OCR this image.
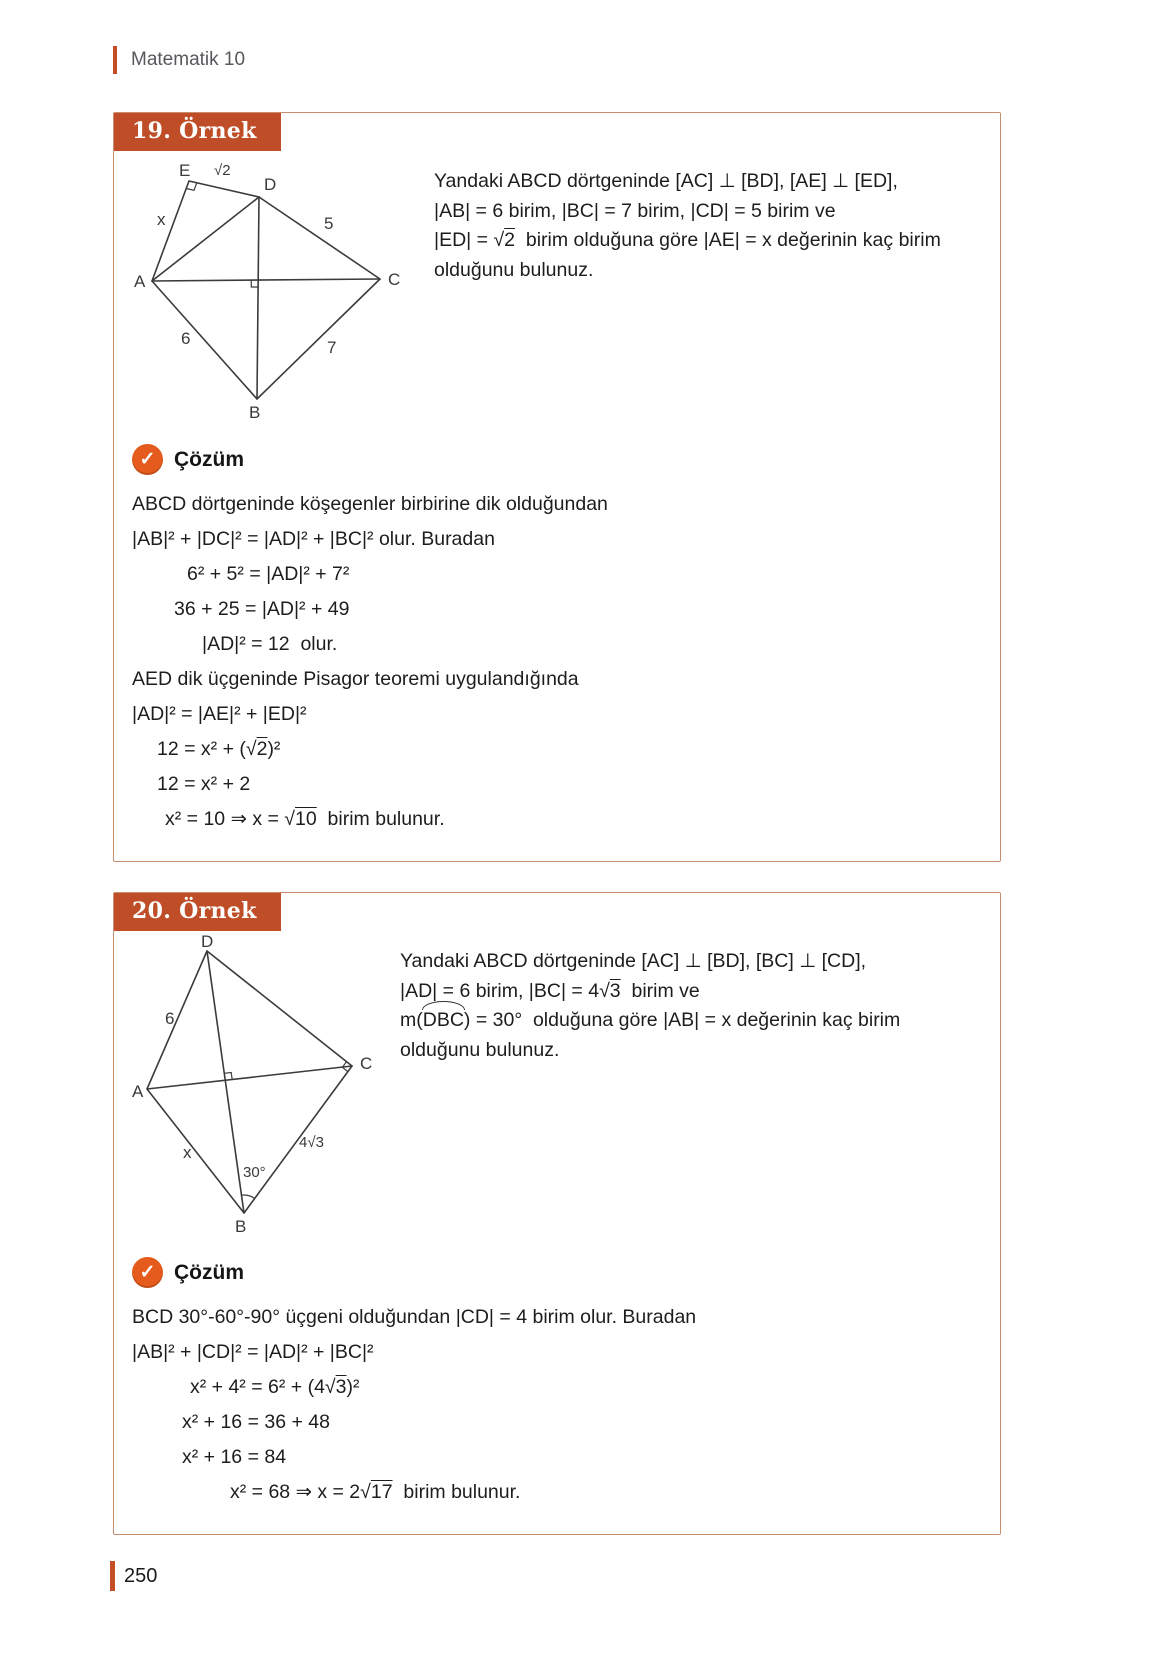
Matematik 10
19. Örnek
E √2
D
x	5
A	C
6	7
B

Yandaki ABCD dörtgeninde [AC] ⊥ [BD], [AE] ⊥ [ED],

|AB| = 6 birim, |BC| = 7 birim, |CD| = 5 birim ve

|ED| = √2  birim olduğuna göre |AE| = x değerinin kaç birim

olduğunu bulunuz.

✓ Çözüm
ABCD dörtgeninde köşegenler birbirine dik olduğundan
|AB|² + |DC|² = |AD|² + |BC|² olur. Buradan
6² + 5² = |AD|² + 7²
36 + 25 = |AD|² + 49
|AD|² = 12  olur.
AED dik üçgeninde Pisagor teoremi uygulandığında
|AD|² = |AE|² + |ED|²
12 = x² + (√2)²
12 = x² + 2
x² = 10 ⇒ x = √10  birim bulunur.
20. Örnek
D
6
A
C
x
30°
4√3
B

Yandaki ABCD dörtgeninde [AC] ⊥ [BD], [BC] ⊥ [CD],

|AD| = 6 birim, |BC| = 4√3  birim ve

m(DBC) = 30°  olduğuna göre |AB| = x değerinin kaç birim

olduğunu bulunuz.

✓ Çözüm
BCD 30°-60°-90° üçgeni olduğundan |CD| = 4 birim olur. Buradan
|AB|² + |CD|² = |AD|² + |BC|²
x² + 4² = 6² + (4√3)²
x² + 16 = 36 + 48
x² + 16 = 84
x² = 68 ⇒ x = 2√17  birim bulunur.
250
